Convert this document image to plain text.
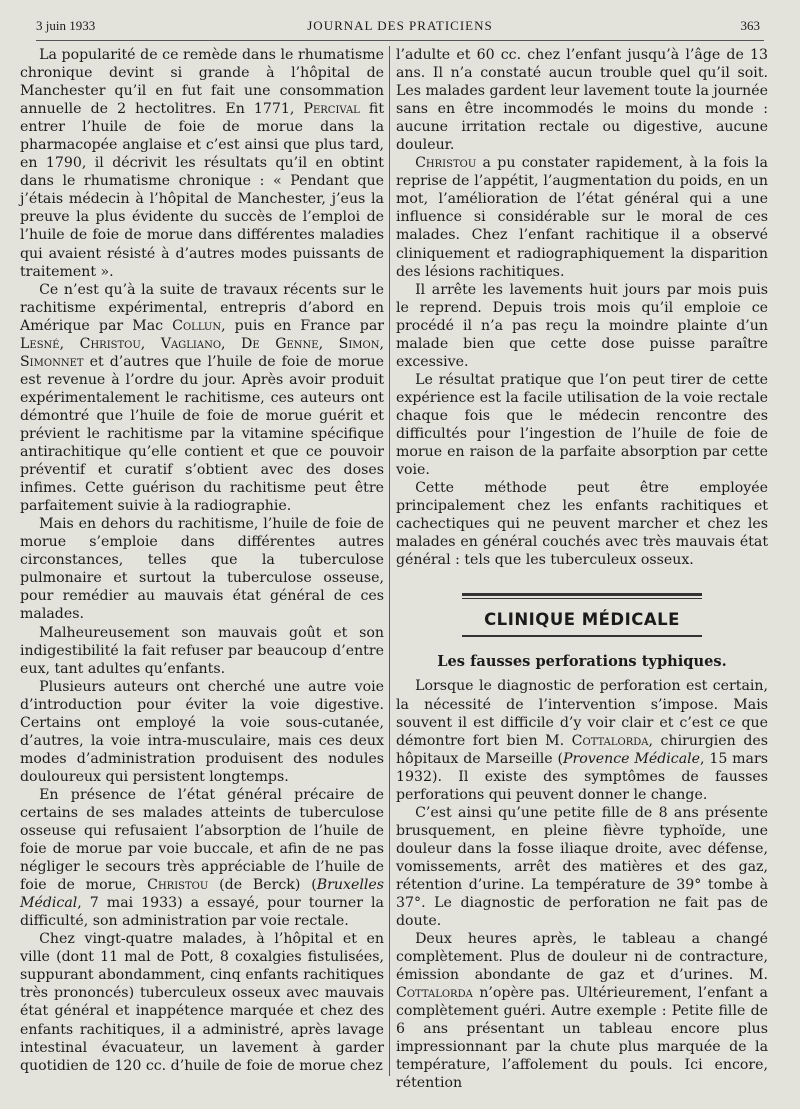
3 juin 1933	JOURNAL DES PRATICIENS	363

La popularité de ce remède dans le rhumatisme chronique devint si grande à l’hôpital de Manchester qu’il en fut fait une consommation annuelle de 2 hectolitres. En 1771, Percival fit entrer l’huile de foie de morue dans la pharmacopée anglaise et c’est ainsi que plus tard, en 1790, il décrivit les résultats qu’il en obtint dans le rhumatisme chronique : « Pendant que j’étais médecin à l’hôpital de Manchester, j’eus la preuve la plus évidente du succès de l’emploi de l’huile de foie de morue dans différentes maladies qui avaient résisté à d’autres modes puissants de traitement ».

Ce n’est qu’à la suite de travaux récents sur le rachitisme expérimental, entrepris d’abord en Amérique par Mac Collun, puis en France par Lesné, Christou, Vagliano, De Genne, Simon, Simonnet et d’autres que l’huile de foie de morue est revenue à l’ordre du jour. Après avoir produit expérimentalement le rachitisme, ces auteurs ont démontré que l’huile de foie de morue guérit et prévient le rachitisme par la vitamine spécifique antirachitique qu’elle contient et que ce pouvoir préventif et curatif s’obtient avec des doses infimes. Cette guérison du rachitisme peut être parfaitement suivie à la radiographie.

Mais en dehors du rachitisme, l’huile de foie de morue s’emploie dans différentes autres circonstances, telles que la tuberculose pulmonaire et surtout la tuberculose osseuse, pour remédier au mauvais état général de ces malades.

Malheureusement son mauvais goût et son indigestibilité la fait refuser par beaucoup d’entre eux, tant adultes qu’enfants.

Plusieurs auteurs ont cherché une autre voie d’introduction pour éviter la voie digestive. Certains ont employé la voie sous-cutanée, d’autres, la voie intra-musculaire, mais ces deux modes d’administration produisent des nodules douloureux qui persistent longtemps.

En présence de l’état général précaire de certains de ses malades atteints de tuberculose osseuse qui refusaient l’absorption de l’huile de foie de morue par voie buccale, et afin de ne pas négliger le secours très appréciable de l’huile de foie de morue, Christou (de Berck) (Bruxelles Médical, 7 mai 1933) a essayé, pour tourner la difficulté, son administration par voie rectale.

Chez vingt-quatre malades, à l’hôpital et en ville (dont 11 mal de Pott, 8 coxalgies fistulisées, suppurant abondamment, cinq enfants rachitiques très prononcés) tuberculeux osseux avec mauvais état général et inappétence marquée et chez des enfants rachitiques, il a administré, après lavage intestinal évacuateur, un lavement à garder quotidien de 120 cc. d’huile de foie de morue chez

l’adulte et 60 cc. chez l’enfant jusqu’à l’âge de 13 ans. Il n’a constaté aucun trouble quel qu’il soit. Les malades gardent leur lavement toute la journée sans en être incommodés le moins du monde : aucune irritation rectale ou digestive, aucune douleur.

Christou a pu constater rapidement, à la fois la reprise de l’appétit, l’augmentation du poids, en un mot, l’amélioration de l’état général qui a une influence si considérable sur le moral de ces malades. Chez l’enfant rachitique il a observé cliniquement et radiographiquement la disparition des lésions rachitiques.

Il arrête les lavements huit jours par mois puis le reprend. Depuis trois mois qu’il emploie ce procédé il n’a pas reçu la moindre plainte d’un malade bien que cette dose puisse paraître excessive.

Le résultat pratique que l’on peut tirer de cette expérience est la facile utilisation de la voie rectale chaque fois que le médecin rencontre des difficultés pour l’ingestion de l’huile de foie de morue en raison de la parfaite absorption par cette voie.

Cette méthode peut être employée principalement chez les enfants rachitiques et cachectiques qui ne peuvent marcher et chez les malades en général couchés avec très mauvais état général : tels que les tuberculeux osseux.

CLINIQUE MÉDICALE
Les fausses perforations typhiques.

Lorsque le diagnostic de perforation est certain, la nécessité de l’intervention s’impose. Mais souvent il est difficile d’y voir clair et c’est ce que démontre fort bien M. Cottalorda, chirurgien des hôpitaux de Marseille (Provence Médicale, 15 mars 1932). Il existe des symptômes de fausses perforations qui peuvent donner le change.

C’est ainsi qu’une petite fille de 8 ans présente brusquement, en pleine fièvre typhoïde, une douleur dans la fosse iliaque droite, avec défense, vomissements, arrêt des matières et des gaz, rétention d’urine. La température de 39° tombe à 37°. Le diagnostic de perforation ne fait pas de doute.

Deux heures après, le tableau a changé complètement. Plus de douleur ni de contracture, émission abondante de gaz et d’urines. M. Cottalorda n’opère pas. Ultérieurement, l’enfant a complètement guéri. Autre exemple : Petite fille de 6 ans présentant un tableau encore plus impressionnant par la chute plus marquée de la température, l’affolement du pouls. Ici encore, rétention
